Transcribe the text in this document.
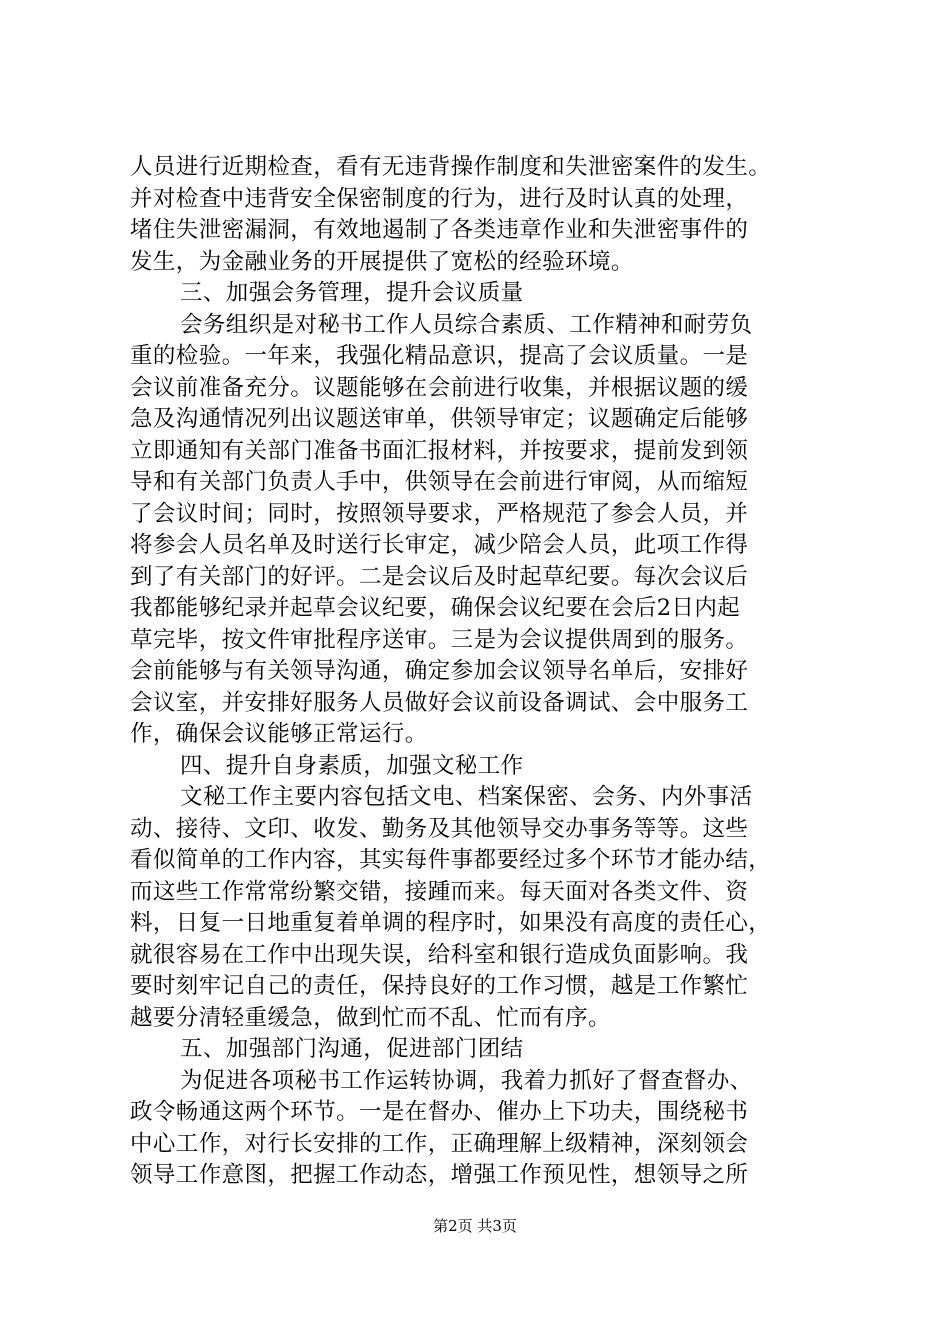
人员进行近期检查，看有无违背操作制度和失泄密案件的发生。
并对检查中违背安全保密制度的行为，进行及时认真的处理，
堵住失泄密漏洞，有效地遏制了各类违章作业和失泄密事件的
发生，为金融业务的开展提供了宽松的经验环境。
三、加强会务管理，提升会议质量
会务组织是对秘书工作人员综合素质、工作精神和耐劳负
重的检验。一年来，我强化精品意识，提高了会议质量。一是
会议前准备充分。议题能够在会前进行收集，并根据议题的缓
急及沟通情况列出议题送审单，供领导审定；议题确定后能够
立即通知有关部门准备书面汇报材料，并按要求，提前发到领
导和有关部门负责人手中，供领导在会前进行审阅，从而缩短
了会议时间；同时，按照领导要求，严格规范了参会人员，并
将参会人员名单及时送行长审定，减少陪会人员，此项工作得
到了有关部门的好评。二是会议后及时起草纪要。每次会议后
我都能够纪录并起草会议纪要，确保会议纪要在会后2日内起
草完毕，按文件审批程序送审。三是为会议提供周到的服务。
会前能够与有关领导沟通，确定参加会议领导名单后，安排好
会议室，并安排好服务人员做好会议前设备调试、会中服务工
作，确保会议能够正常运行。
四、提升自身素质，加强文秘工作
文秘工作主要内容包括文电、档案保密、会务、内外事活
动、接待、文印、收发、勤务及其他领导交办事务等等。这些
看似简单的工作内容，其实每件事都要经过多个环节才能办结，
而这些工作常常纷繁交错，接踵而来。每天面对各类文件、资
料，日复一日地重复着单调的程序时，如果没有高度的责任心，
就很容易在工作中出现失误，给科室和银行造成负面影响。我
要时刻牢记自己的责任，保持良好的工作习惯，越是工作繁忙
越要分清轻重缓急，做到忙而不乱、忙而有序。
五、加强部门沟通，促进部门团结
为促进各项秘书工作运转协调，我着力抓好了督查督办、
政令畅通这两个环节。一是在督办、催办上下功夫，围绕秘书
中心工作，对行长安排的工作，正确理解上级精神，深刻领会
领导工作意图，把握工作动态，增强工作预见性，想领导之所
第2页 共3页
